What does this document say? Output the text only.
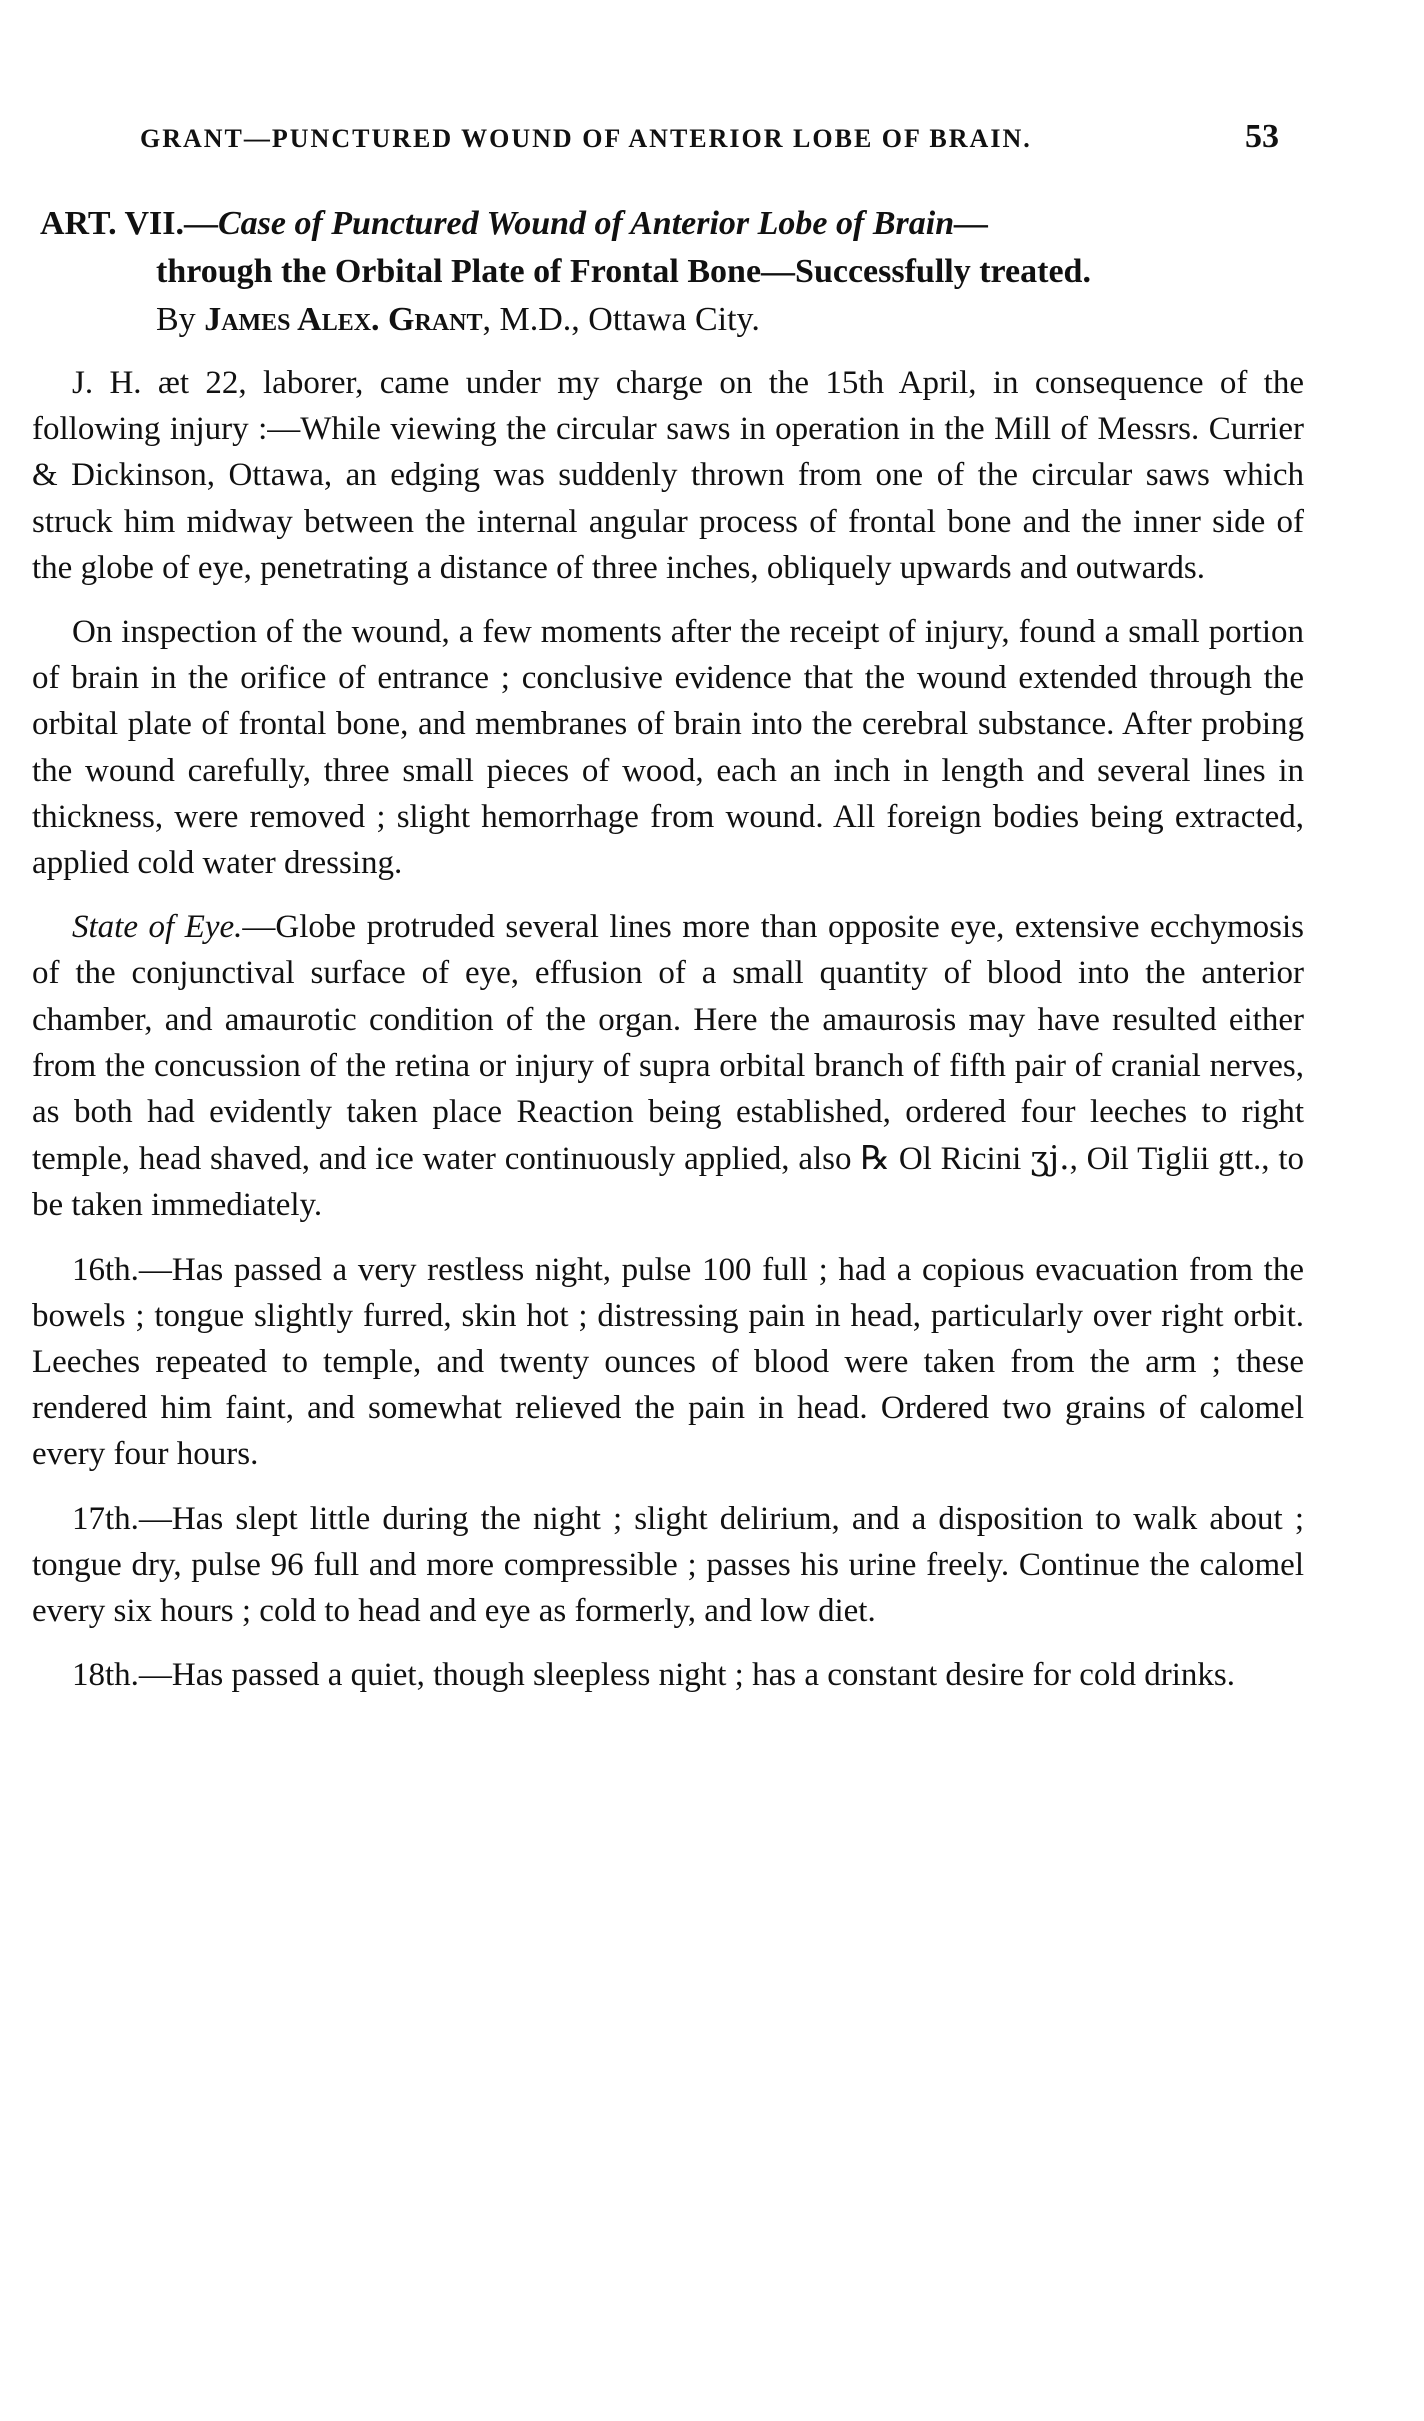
GRANT—PUNCTURED WOUND OF ANTERIOR LOBE OF BRAIN.	53
ART. VII.—Case of Punctured Wound of Anterior Lobe of Brain—
through the Orbital Plate of Frontal Bone—Successfully treated.
By James Alex. Grant, M.D., Ottawa City.

J. H. æt 22, laborer, came under my charge on the 15th April, in consequence of the following injury :—While viewing the circular saws in operation in the Mill of Messrs. Currier & Dickinson, Ottawa, an edging was suddenly thrown from one of the circular saws which struck him midway between the internal angular process of frontal bone and the inner side of the globe of eye, penetrating a distance of three inches, obliquely upwards and outwards.

On inspection of the wound, a few moments after the receipt of injury, found a small portion of brain in the orifice of entrance ; conclusive evidence that the wound extended through the orbital plate of frontal bone, and membranes of brain into the cerebral substance. After probing the wound carefully, three small pieces of wood, each an inch in length and several lines in thickness, were removed ; slight hemorrhage from wound. All foreign bodies being extracted, applied cold water dressing.

State of Eye.—Globe protruded several lines more than opposite eye, extensive ecchymosis of the conjunctival surface of eye, effusion of a small quantity of blood into the anterior chamber, and amaurotic condition of the organ. Here the amaurosis may have resulted either from the concussion of the retina or injury of supra orbital branch of fifth pair of cranial nerves, as both had evidently taken place Reaction being established, ordered four leeches to right temple, head shaved, and ice water continuously applied, also ℞ Ol Ricini ʒj., Oil Tiglii gtt., to be taken immediately.

16th.—Has passed a very restless night, pulse 100 full ; had a copious evacuation from the bowels ; tongue slightly furred, skin hot ; distressing pain in head, particularly over right orbit. Leeches repeated to temple, and twenty ounces of blood were taken from the arm ; these rendered him faint, and somewhat relieved the pain in head. Ordered two grains of calomel every four hours.

17th.—Has slept little during the night ; slight delirium, and a disposition to walk about ; tongue dry, pulse 96 full and more compressible ; passes his urine freely. Continue the calomel every six hours ; cold to head and eye as formerly, and low diet.

18th.—Has passed a quiet, though sleepless night ; has a constant desire for cold drinks.
